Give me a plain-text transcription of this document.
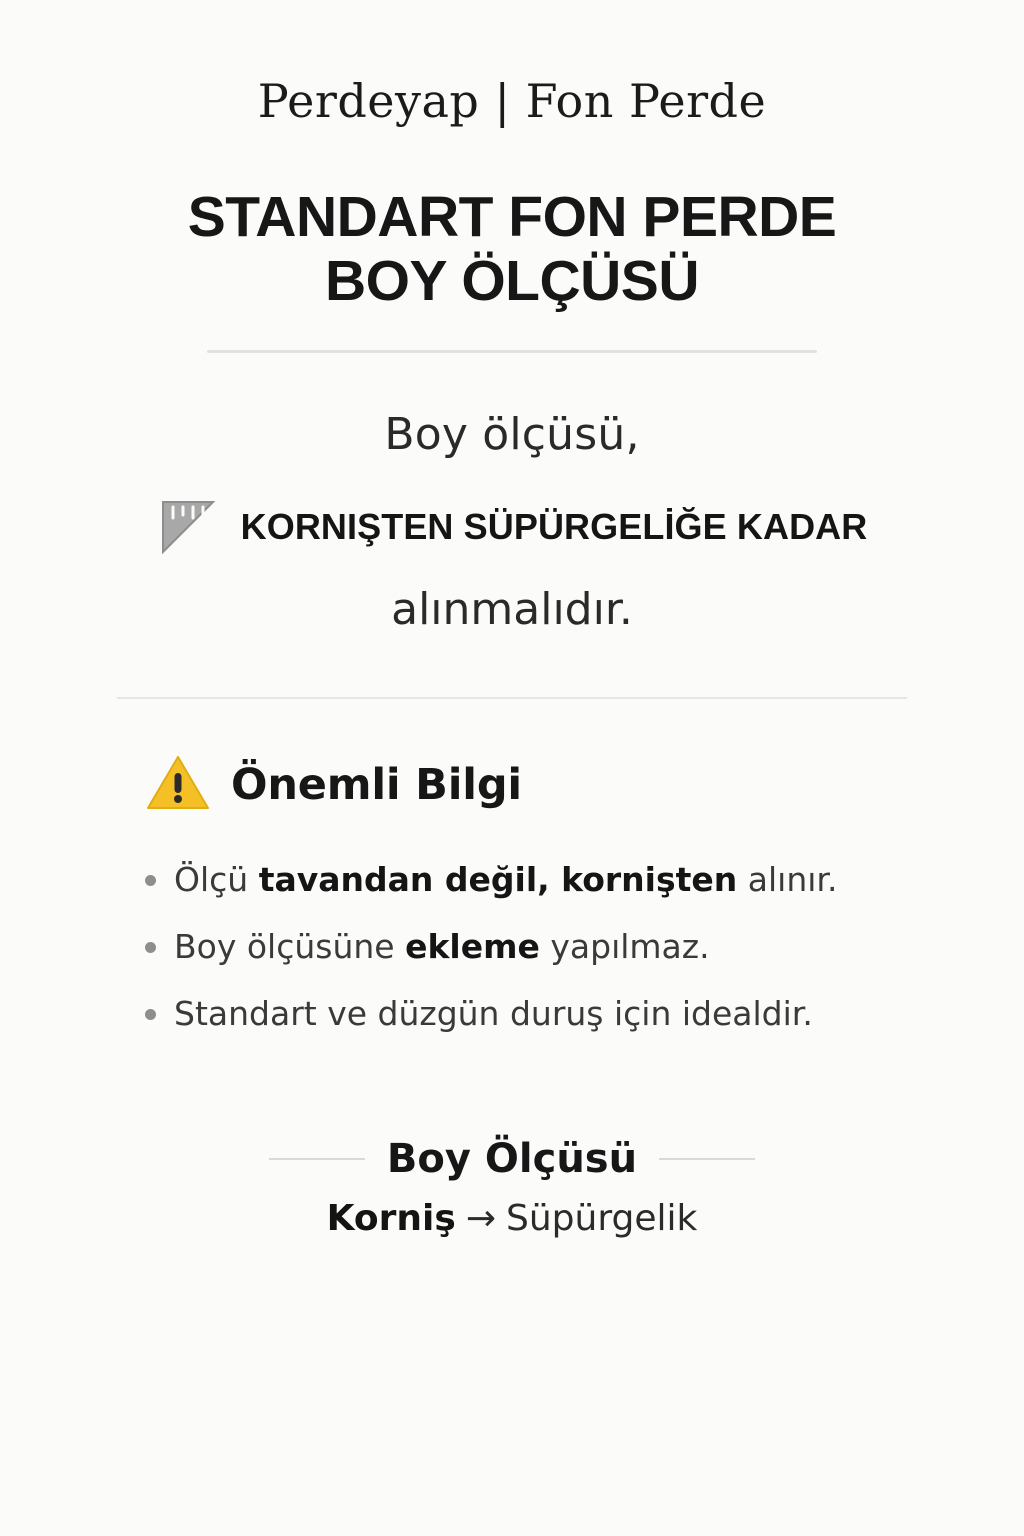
Perdeyap | Fon Perde
STANDART FON PERDE
BOY ÖLÇÜSÜ
Boy ölçüsü,
KORNIŞTEN SÜPÜRGELİĞE KADAR
alınmalıdır.
Önemli Bilgi
Ölçü tavandan değil, kornişten alınır.
Boy ölçüsüne ekleme yapılmaz.
Standart ve düzgün duruş için idealdir.
Boy Ölçüsü
Korniş → Süpürgelik
